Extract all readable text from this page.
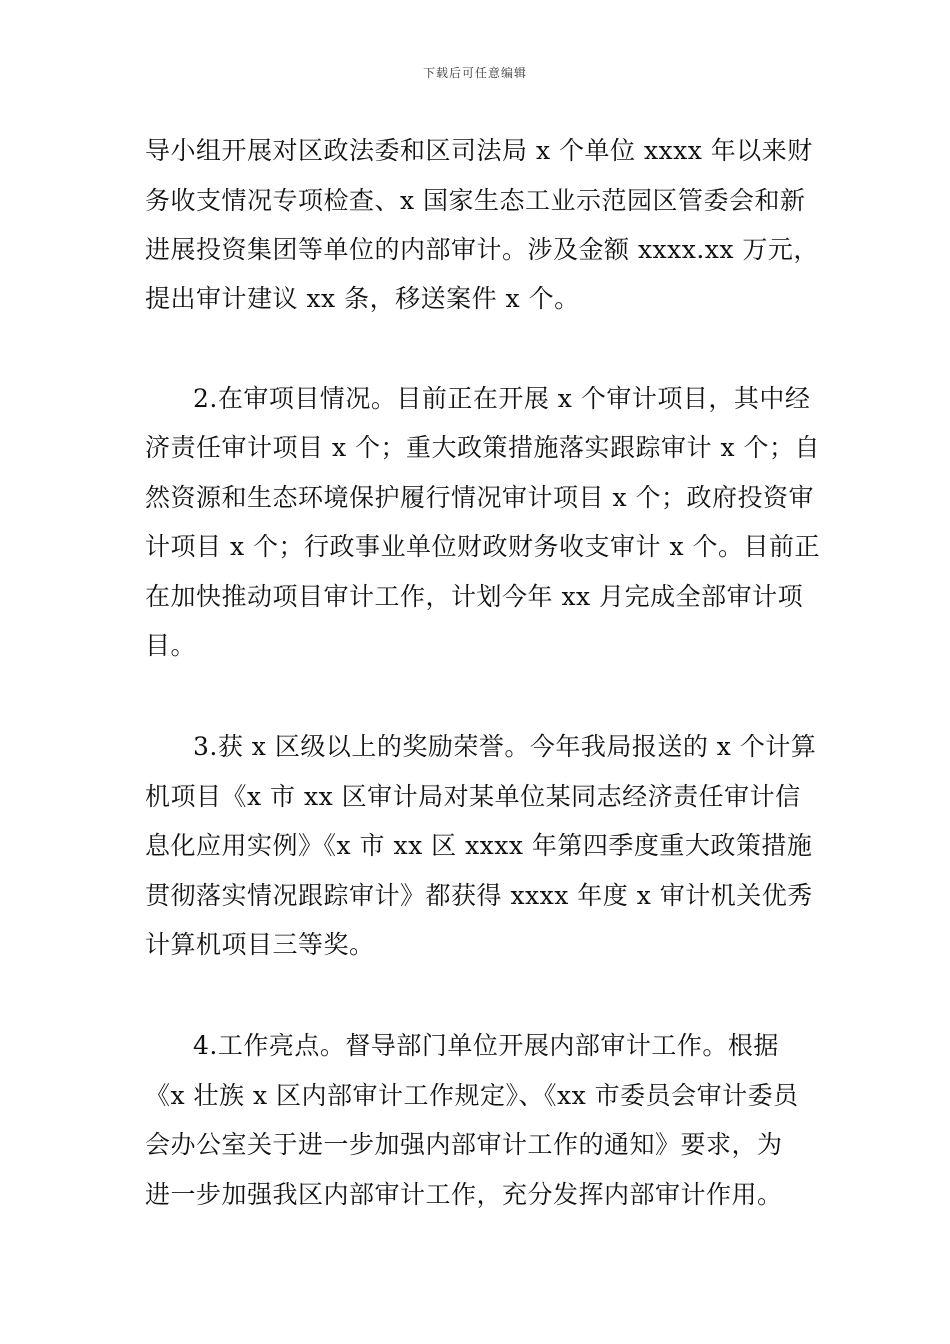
下载后可任意编辑
导小组开展对区政法委和区司法局 x 个单位 xxxx 年以来财
务收支情况专项检查、x 国家生态工业示范园区管委会和新
进展投资集团等单位的内部审计。涉及金额 xxxx.xx 万元，
提出审计建议 xx 条，移送案件 x 个。
2.在审项目情况。目前正在开展 x 个审计项目，其中经
济责任审计项目 x 个；重大政策措施落实跟踪审计 x 个；自
然资源和生态环境保护履行情况审计项目 x 个；政府投资审
计项目 x 个；行政事业单位财政财务收支审计 x 个。目前正
在加快推动项目审计工作，计划今年 xx 月完成全部审计项
目。
3.获 x 区级以上的奖励荣誉。今年我局报送的 x 个计算
机项目《x 市 xx 区审计局对某单位某同志经济责任审计信
息化应用实例》《x 市 xx 区 xxxx 年第四季度重大政策措施
贯彻落实情况跟踪审计》都获得 xxxx 年度 x 审计机关优秀
计算机项目三等奖。
4.工作亮点。督导部门单位开展内部审计工作。根据
《x 壮族 x 区内部审计工作规定》、《xx 市委员会审计委员
会办公室关于进一步加强内部审计工作的通知》要求，为
进一步加强我区内部审计工作，充分发挥内部审计作用。
